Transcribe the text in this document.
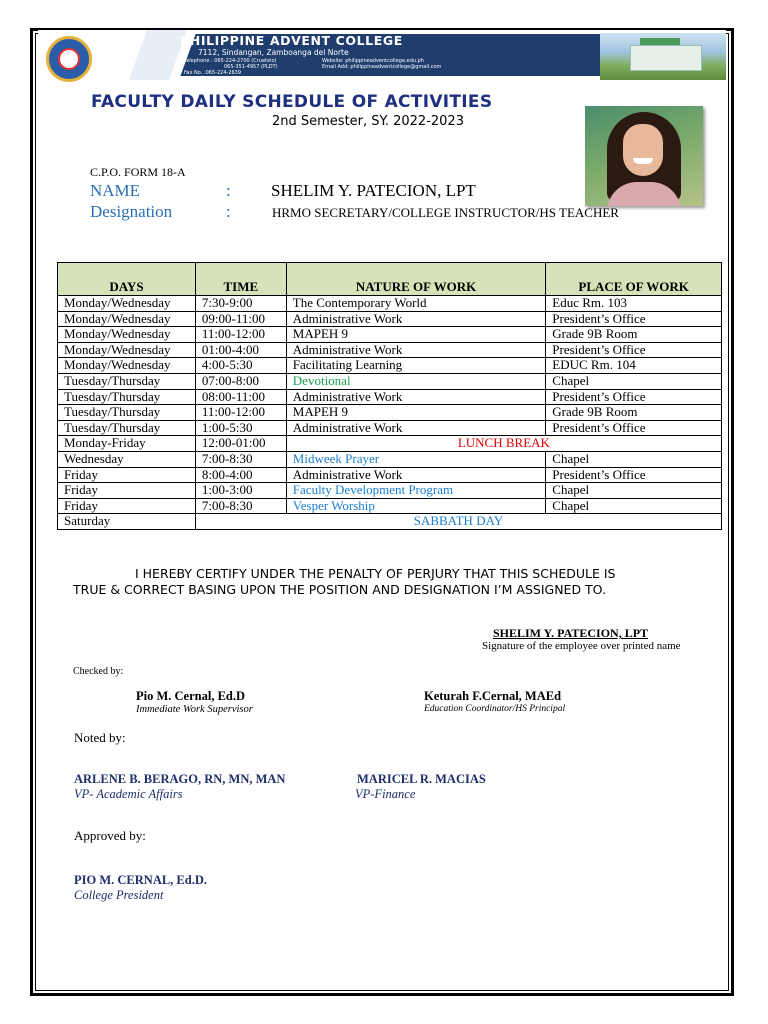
PHILIPPINE ADVENT COLLEGE
7112, Sindangan, Zamboanga del Norte
Telephone : 065-224-2700 (Cruetelo)
065-351-4957 (PLDT)
Fax No. :065-224-2639
Website: philippineadventcollege.edu.ph
Email Add: philippineadventcollege@gmail.com
FACULTY DAILY SCHEDULE OF ACTIVITIES
2nd Semester, SY. 2022-2023
C.P.O. FORM 18-A
NAME	: SHELIM Y. PATECION, LPT
Designation	:	HRMO SECRETARY/COLLEGE INSTRUCTOR/HS TEACHER
DAYS	TIME	NATURE OF WORK	PLACE OF WORK
Monday/Wednesday	7:30-9:00	The Contemporary World	Educ Rm. 103
Monday/Wednesday	09:00-11:00	Administrative Work	President’s Office
Monday/Wednesday	11:00-12:00	MAPEH 9	Grade 9B Room
Monday/Wednesday	01:00-4:00	Administrative Work	President’s Office
Monday/Wednesday	4:00-5:30	Facilitating Learning	EDUC Rm. 104
Tuesday/Thursday	07:00-8:00	Devotional	Chapel
Tuesday/Thursday	08:00-11:00	Administrative Work	President’s Office
Tuesday/Thursday	11:00-12:00	MAPEH 9	Grade 9B Room
Tuesday/Thursday	1:00-5:30	Administrative Work	President’s Office
Monday-Friday	12:00-01:00	LUNCH BREAK	
Wednesday	7:00-8:30	Midweek Prayer	Chapel
Friday	8:00-4:00	Administrative Work	President’s Office
Friday	1:00-3:00	Faculty Development Program	Chapel
Friday	7:00-8:30	Vesper Worship	Chapel
Saturday	SABBATH DAY		
I HEREBY CERTIFY UNDER THE PENALTY OF PERJURY THAT THIS SCHEDULE IS
TRUE & CORRECT BASING UPON THE POSITION AND DESIGNATION I’M ASSIGNED TO.
SHELIM Y. PATECION, LPT
Signature of the employee over printed name
Checked by:
Pio M. Cernal, Ed.D
Immediate Work Supervisor
Keturah F.Cernal, MAEd
Education Coordinator/HS Principal
Noted by:
ARLENE B. BERAGO, RN, MN, MAN
VP- Academic Affairs
MARICEL R. MACIAS
VP-Finance
Approved by:
PIO M. CERNAL, Ed.D.
College President
